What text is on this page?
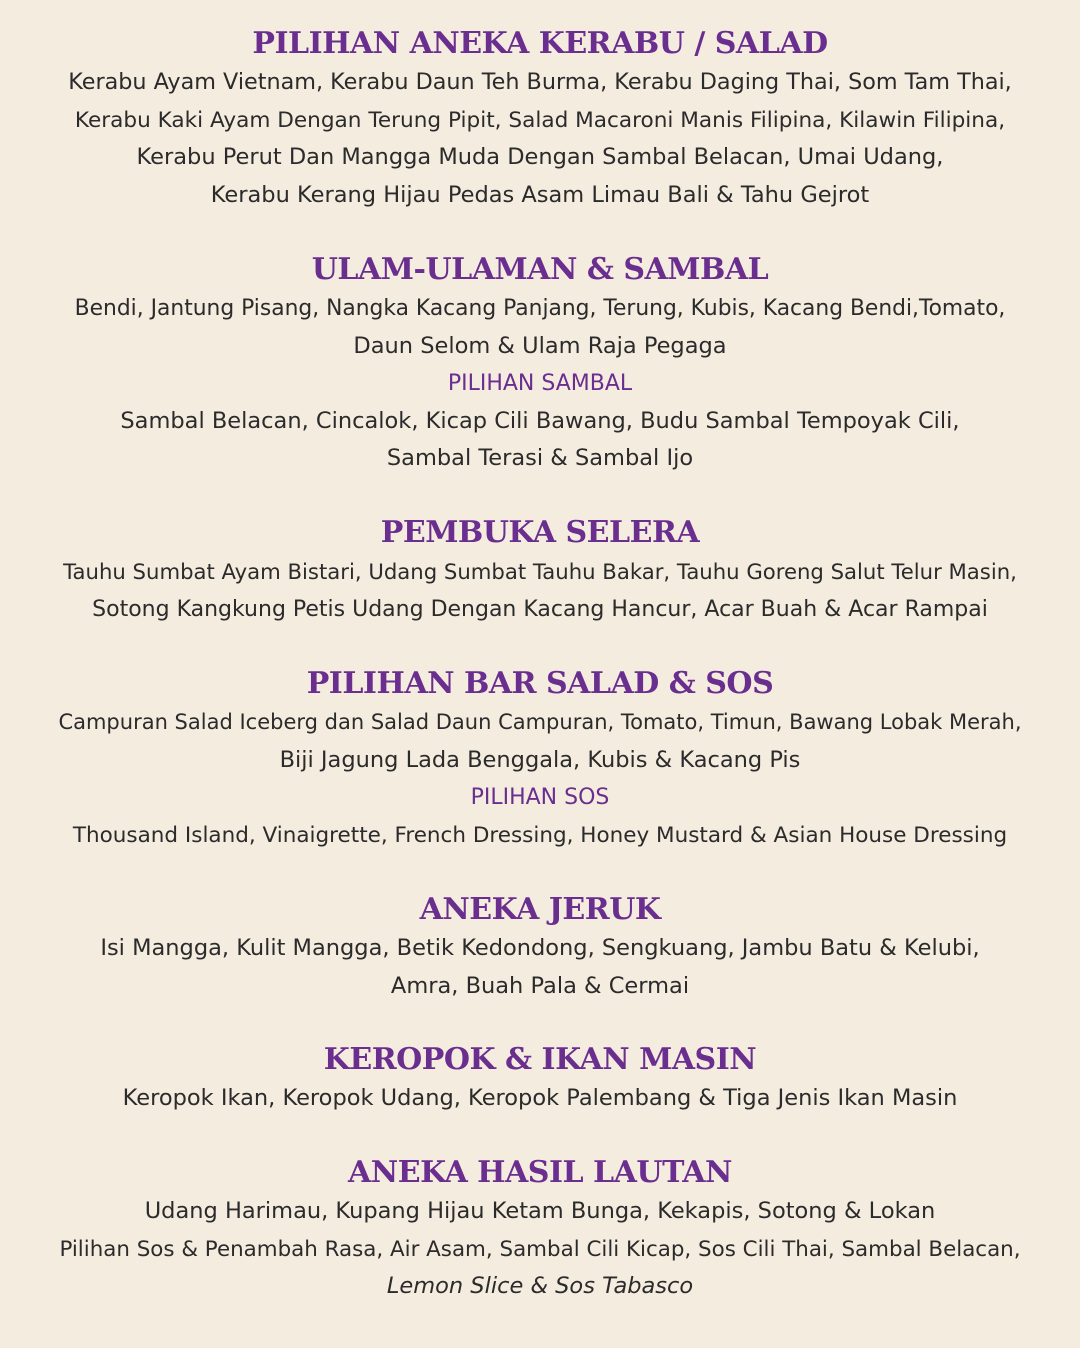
PILIHAN ANEKA KERABU / SALAD
Kerabu Ayam Vietnam, Kerabu Daun Teh Burma, Kerabu Daging Thai, Som Tam Thai,
Kerabu Kaki Ayam Dengan Terung Pipit, Salad Macaroni Manis Filipina, Kilawin Filipina,
Kerabu Perut Dan Mangga Muda Dengan Sambal Belacan, Umai Udang,
Kerabu Kerang Hijau Pedas Asam Limau Bali & Tahu Gejrot
ULAM-ULAMAN & SAMBAL
Bendi, Jantung Pisang, Nangka Kacang Panjang, Terung, Kubis, Kacang Bendi,Tomato,
Daun Selom & Ulam Raja Pegaga
PILIHAN SAMBAL
Sambal Belacan, Cincalok, Kicap Cili Bawang, Budu Sambal Tempoyak Cili,
Sambal Terasi & Sambal Ijo
PEMBUKA SELERA
Tauhu Sumbat Ayam Bistari, Udang Sumbat Tauhu Bakar, Tauhu Goreng Salut Telur Masin,
Sotong Kangkung Petis Udang Dengan Kacang Hancur, Acar Buah & Acar Rampai
PILIHAN BAR SALAD & SOS
Campuran Salad Iceberg dan Salad Daun Campuran, Tomato, Timun, Bawang Lobak Merah,
Biji Jagung Lada Benggala, Kubis & Kacang Pis
PILIHAN SOS
Thousand Island, Vinaigrette, French Dressing, Honey Mustard & Asian House Dressing
ANEKA JERUK
Isi Mangga, Kulit Mangga, Betik Kedondong, Sengkuang, Jambu Batu & Kelubi,
Amra, Buah Pala & Cermai
KEROPOK & IKAN MASIN
Keropok Ikan, Keropok Udang, Keropok Palembang & Tiga Jenis Ikan Masin
ANEKA HASIL LAUTAN
Udang Harimau, Kupang Hijau Ketam Bunga, Kekapis, Sotong & Lokan
Pilihan Sos & Penambah Rasa, Air Asam, Sambal Cili Kicap, Sos Cili Thai, Sambal Belacan,
Lemon Slice & Sos Tabasco
